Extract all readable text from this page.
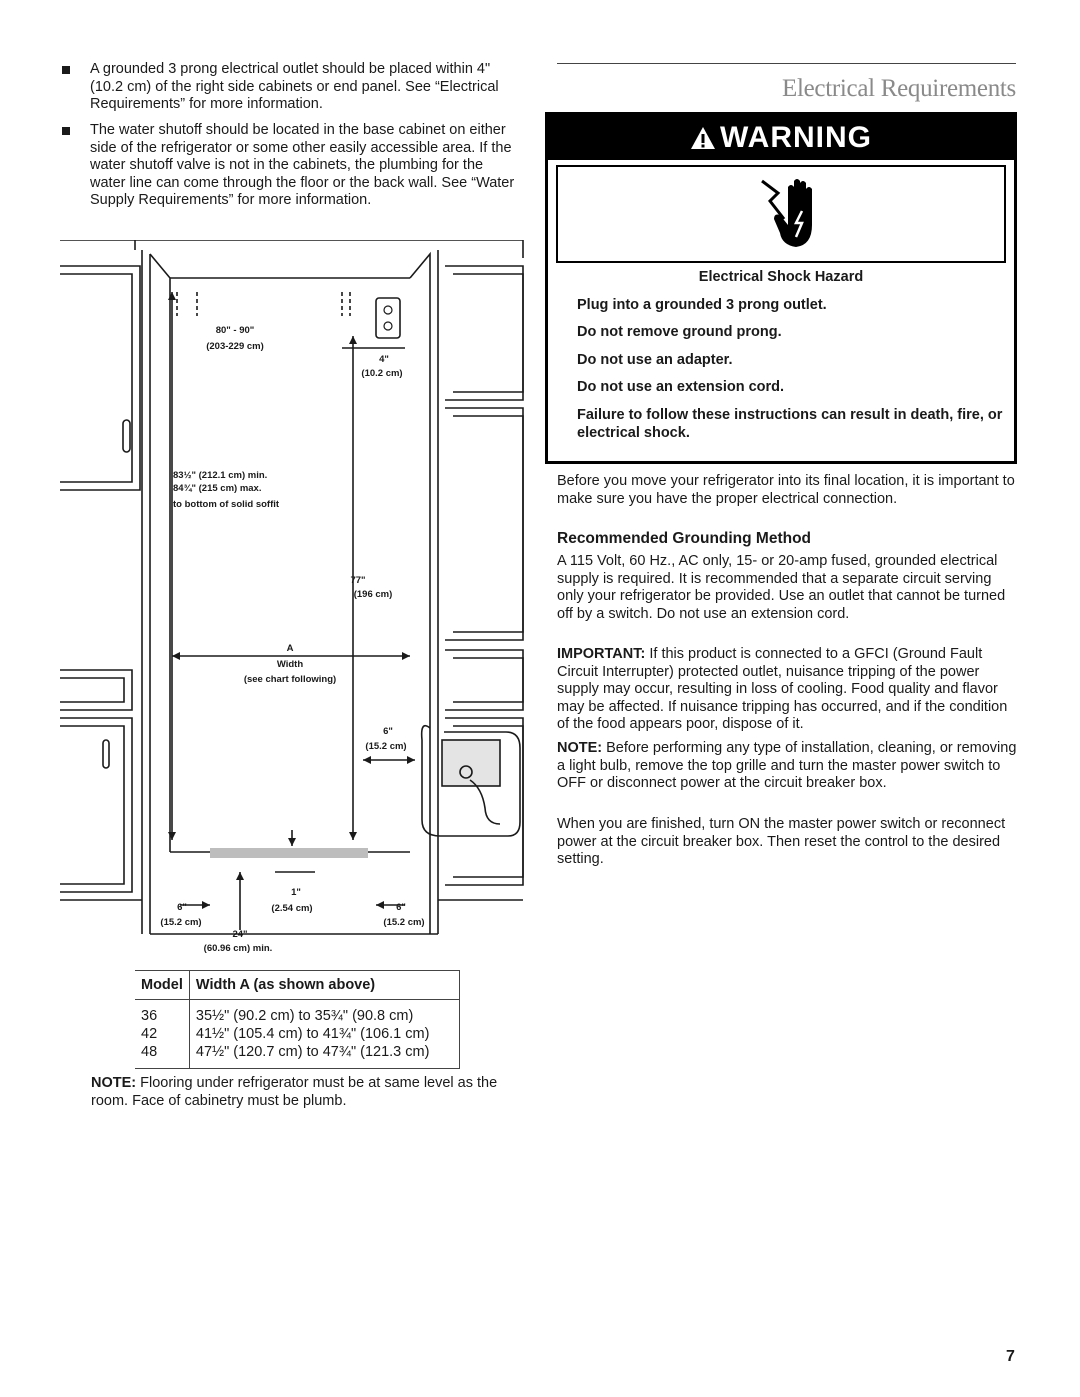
A grounded 3 prong electrical outlet should be placed within 4" (10.2 cm) of the right side cabinets or end panel. See “Electrical Requirements” for more information.
The water shutoff should be located in the base cabinet on either side of the refrigerator or some other easily accessible area. If the water shutoff valve is not in the cabinets, the plumbing for the water line can come through the floor or the back wall. See “Water Supply Requirements” for more information.
80" - 90"
(203-229 cm)
4"
(10.2 cm)
83½" (212.1 cm) min.
84¾" (215 cm) max.
to bottom of solid soffit
77"
(196 cm)
A
Width
(see chart following)
6"
(15.2 cm)
1"
(2.54 cm)
6"
(15.2 cm)
6"
(15.2 cm)
24"
(60.96 cm) min.
Model	Width A (as shown above)
36	35½" (90.2 cm) to 35¾" (90.8 cm)
42	41½" (105.4 cm) to 41¾" (106.1 cm)
48	47½" (120.7 cm) to 47¾" (121.3 cm)
NOTE: Flooring under refrigerator must be at same level as the room. Face of cabinetry must be plumb.
Electrical Requirements
WARNING
Electrical Shock Hazard
Plug into a grounded 3 prong outlet.
Do not remove ground prong.
Do not use an adapter.
Do not use an extension cord.
Failure to follow these instructions can result in death, fire, or electrical shock.
Before you move your refrigerator into its final location, it is important to make sure you have the proper electrical connection.
Recommended Grounding Method
A 115 Volt, 60 Hz., AC only, 15- or 20-amp fused, grounded electrical supply is required. It is recommended that a separate circuit serving only your refrigerator be provided. Use an outlet that cannot be turned off by a switch. Do not use an extension cord.
IMPORTANT: If this product is connected to a GFCI (Ground Fault Circuit Interrupter) protected outlet, nuisance tripping of the power supply may occur, resulting in loss of cooling. Food quality and flavor may be affected. If nuisance tripping has occurred, and if the condition of the food appears poor, dispose of it.
NOTE: Before performing any type of installation, cleaning, or removing a light bulb, remove the top grille and turn the master power switch to OFF or disconnect power at the circuit breaker box.
When you are finished, turn ON the master power switch or reconnect power at the circuit breaker box. Then reset the control to the desired setting.
7
